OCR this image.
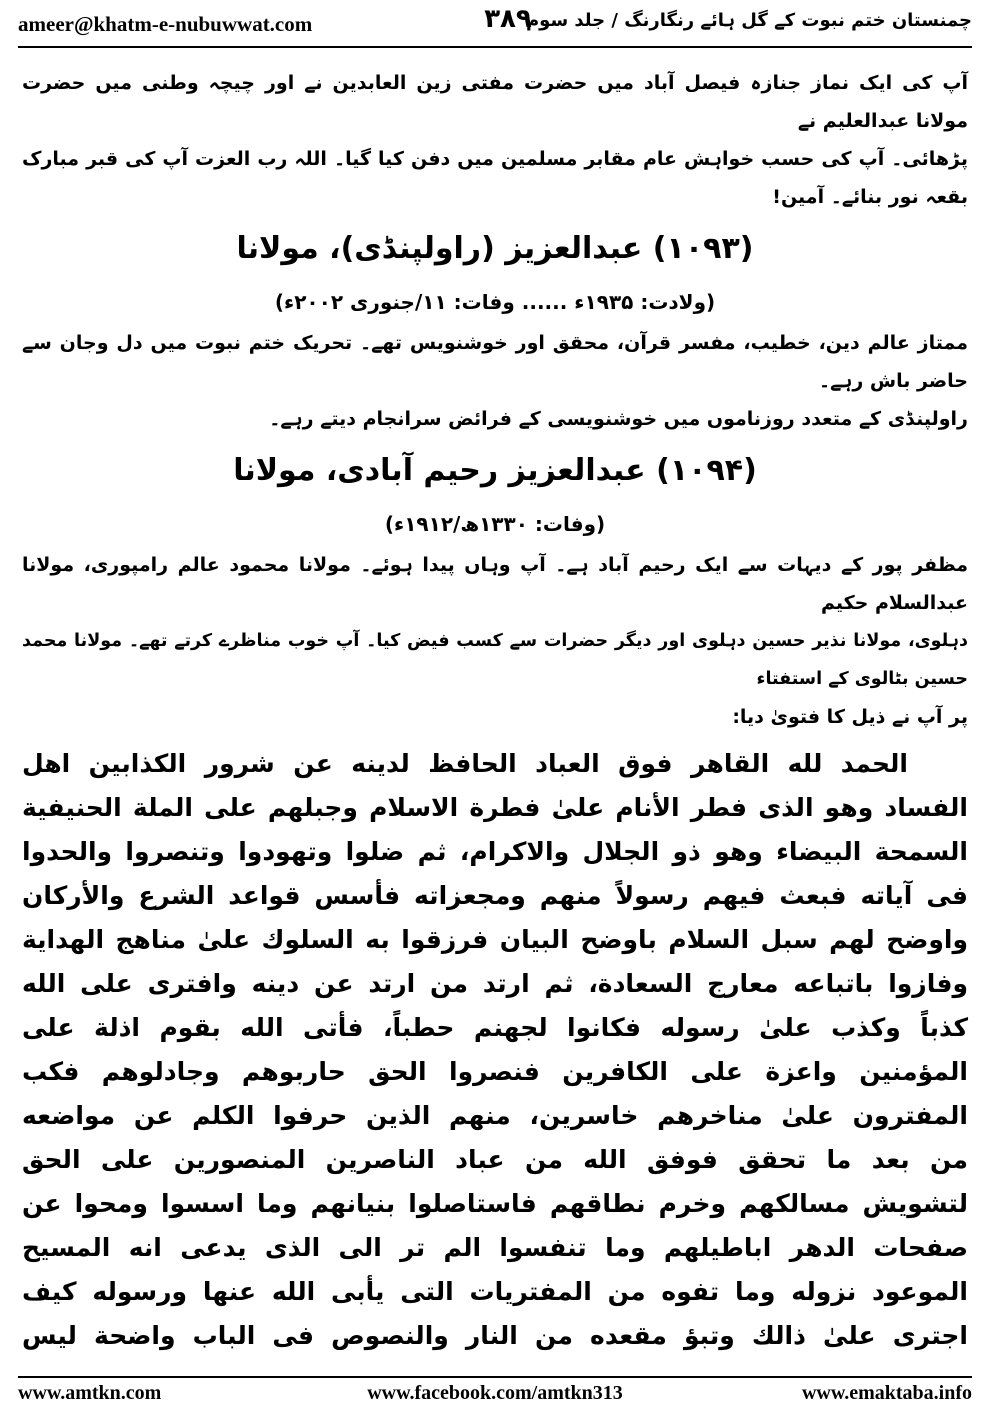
ameer@khatm-e-nubuwwat.com	۳۸۹
چمنستان ختم نبوت کے گل ہائے رنگارنگ / جلد سوم

آپ کی ایک نماز جنازہ فیصل آباد میں حضرت مفتی زین العابدین نے اور چیچہ وطنی میں حضرت مولانا عبدالعلیم نے

پڑھائی۔ آپ کی حسب خواہش عام مقابر مسلمین میں دفن کیا گیا۔ اللہ رب العزت آپ کی قبر مبارک بقعہ نور بنائے۔ آمین!

(۱۰۹۳) عبدالعزیز (راولپنڈی)، مولانا

(ولادت: ۱۹۳۵ء ...... وفات: ۱۱/جنوری ۲۰۰۲ء)

ممتاز عالم دین، خطیب، مفسر قرآن، محقق اور خوشنویس تھے۔ تحریک ختم نبوت میں دل وجان سے حاضر باش رہے۔

راولپنڈی کے متعدد روزناموں میں خوشنویسی کے فرائض سرانجام دیتے رہے۔

(۱۰۹۴) عبدالعزیز رحیم آبادی، مولانا

(وفات: ۱۳۳۰ھ/۱۹۱۲ء)

مظفر پور کے دیہات سے ایک رحیم آباد ہے۔ آپ وہاں پیدا ہوئے۔ مولانا محمود عالم رامپوری، مولانا عبدالسلام حکیم

دہلوی، مولانا نذیر حسین دہلوی اور دیگر حضرات سے کسب فیض کیا۔ آپ خوب مناظرے کرتے تھے۔ مولانا محمد حسین بٹالوی کے استفتاء

پر آپ نے ذیل کا فتویٰ دیا:

الحمد لله القاهر فوق العباد الحافظ لدينه عن شرور الكذابين اهل
الفساد وهو الذى فطر الأنام علىٰ فطرة الاسلام وجبلهم على الملة الحنيفية
السمحة البيضاء وهو ذو الجلال والاكرام، ثم ضلوا وتهودوا وتنصروا والحدوا
فى آياته فبعث فيهم رسولاً منهم ومجعزاته فأسس قواعد الشرع والأركان
واوضح لهم سبل السلام باوضح البيان فرزقوا به السلوك علىٰ مناهج الهداية
وفازوا باتباعه معارج السعادة، ثم ارتد من ارتد عن دينه وافترى على الله
كذباً وكذب علىٰ رسوله فكانوا لجهنم حطباً، فأتى الله بقوم اذلة على
المؤمنين واعزة على الكافرين فنصروا الحق حاربوهم وجادلوهم فكب
المفترون علىٰ مناخرهم خاسرين، منهم الذين حرفوا الكلم عن مواضعه
من بعد ما تحقق فوفق الله من عباد الناصرين المنصورين على الحق
لتشويش مسالكهم وخرم نطاقهم فاستاصلوا بنيانهم وما اسسوا ومحوا عن
صفحات الدهر اباطيلهم وما تنفسوا الم تر الى الذى يدعى انه المسيح
الموعود نزوله وما تفوه من المفتريات التى يأبى الله عنها ورسوله كيف
اجترى علىٰ ذالك وتبؤ مقعده من النار والنصوص فى الباب واضحة ليس
www.amtkn.com	www.facebook.com/amtkn313	www.emaktaba.info
